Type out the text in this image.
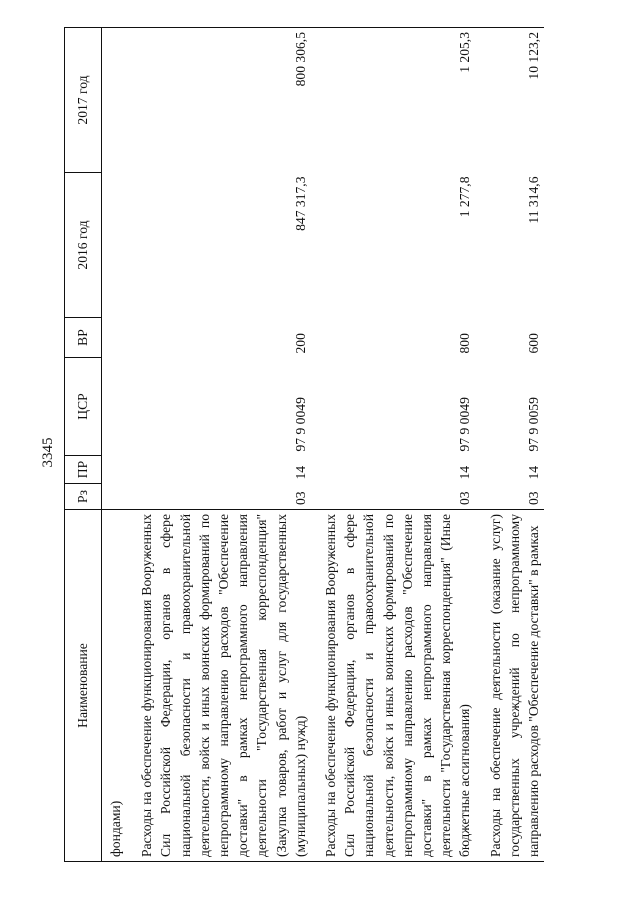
3345
Наименование	Рз	ПР	ЦСР	ВР	2016 год	2017 год
фондами)						
Расходы на обеспечение функционирования Вооруженных Сил Российской Федерации, органов в сфере национальной безопасности и правоохранительной деятельности, войск и иных воинских формирований по непрограммному направлению расходов "Обеспечение доставки" в рамках непрограммного направления деятельности "Государственная корреспонденция" (Закупка товаров, работ и услуг для государственных (муниципальных) нужд)	03	14	97 9 0049	200	847 317,3	800 306,5
Расходы на обеспечение функционирования Вооруженных Сил Российской Федерации, органов в сфере национальной безопасности и правоохранительной деятельности, войск и иных воинских формирований по непрограммному направлению расходов "Обеспечение доставки" в рамках непрограммного направления деятельности "Государственная корреспонденция" (Иные бюджетные ассигнования)	03	14	97 9 0049	800	1 277,8	1 205,3
Расходы на обеспечение деятельности (оказание услуг) государственных учреждений по непрограммному направлению расходов "Обеспечение доставки" в рамках	03	14	97 9 0059	600	11 314,6	10 123,2
